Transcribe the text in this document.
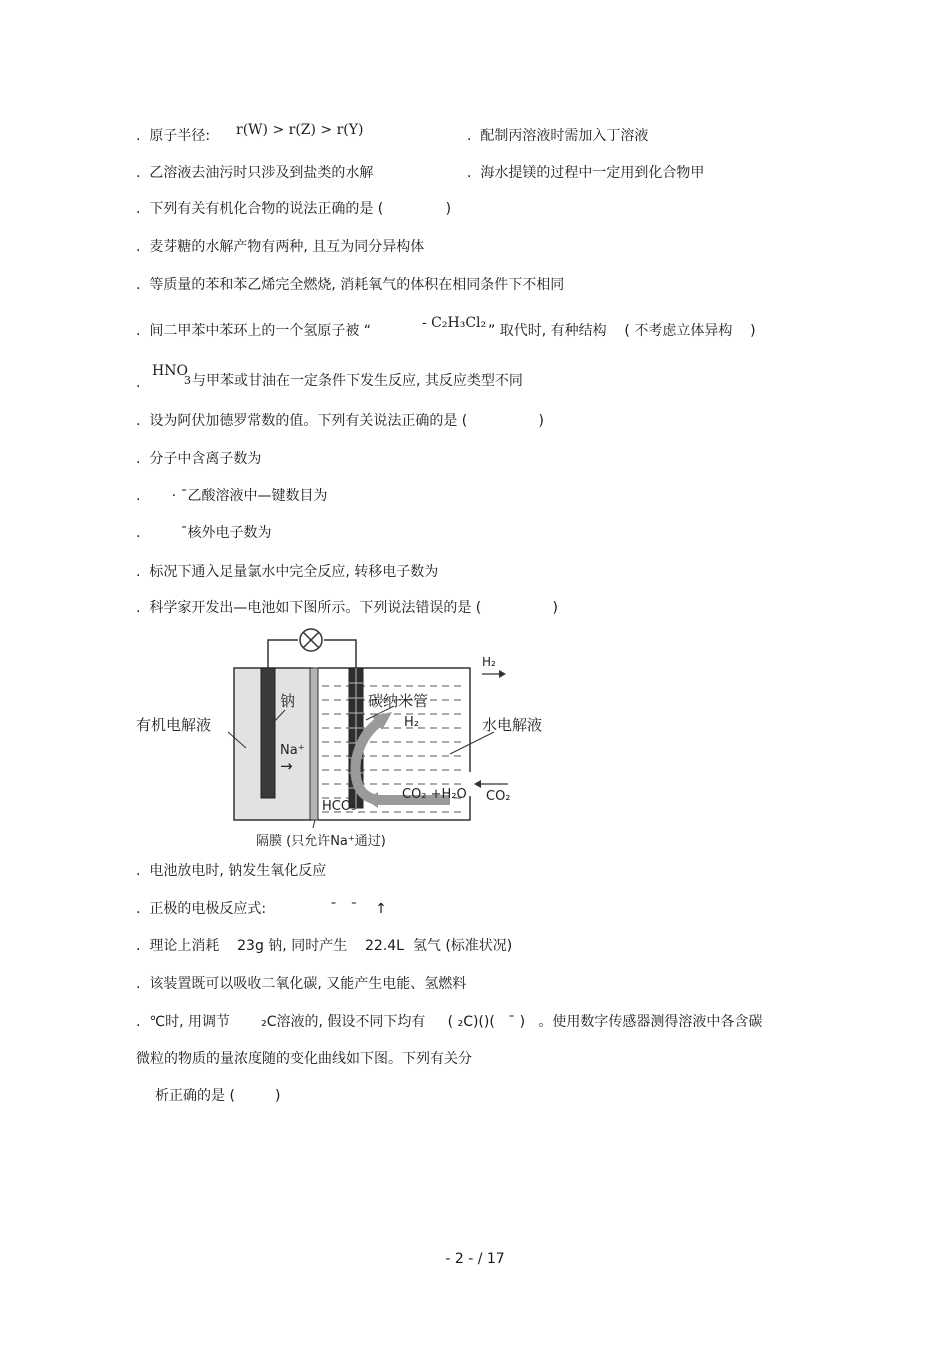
.  原子半径: r(W) > r(Z) > r(Y)	.  配制丙溶液时需加入丁溶液
.  乙溶液去油污时只涉及到盐类的水解	.  海水提镁的过程中一定用到化合物甲
.  下列有关有机化合物的说法正确的是 (              )
.  麦芽糖的水解产物有两种, 且互为同分异构体
.  等质量的苯和苯乙烯完全燃烧, 消耗氧气的体积在相同条件下不相同
.  间二甲苯中苯环上的一个氢原子被 “	- C₂H₃Cl₂ ” 取代时, 有种结构    ( 不考虑立体异构    )
.
HNO
3 与甲苯或甘油在一定条件下发生反应, 其反应类型不同
.  设为阿伏加德罗常数的值。下列有关说法正确的是 (                )
.  分子中含离子数为
.       · ¯乙酸溶液中—键数目为
.         ¯核外电子数为
.  标况下通入足量氯水中完全反应, 转移电子数为
.  科学家开发出—电池如下图所示。下列说法错误的是 (                )
有机电解液
钠
Na⁺
→
碳纳米管
H₂
H₂
水电解液
CO₂ +H₂O CO₂
HCO₃⁻
隔膜 (只允许Na⁺通过)
.  电池放电时, 钠发生氧化反应
.  正极的电极反应式:	¯   ¯    ↑
.  理论上消耗    23g 钠, 同时产生    22.4L  氢气 (标准状况)
.  该装置既可以吸收二氧化碳, 又能产生电能、氢燃料
.  ℃时, 用调节       ₂C溶液的, 假设不同下均有     ( ₂C)()(   ¯ )   。使用数字传感器测得溶液中各含碳
微粒的物质的量浓度随的变化曲线如下图。下列有关分
析正确的是 (         )
- 2 - / 17
